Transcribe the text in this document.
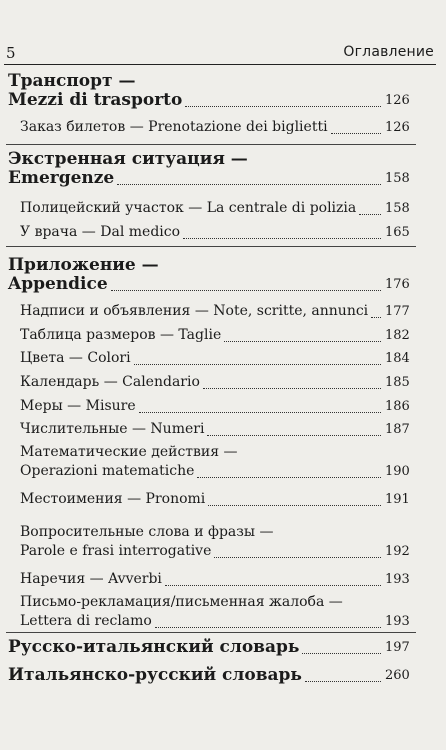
5	Оглавление
Транспорт —
Mezzi di trasporto	126
Заказ билетов — Prenotazione dei biglietti	126
Экстренная ситуация —
Emergenze	158
Полицейский участок — La centrale di polizia	158
У врача — Dal medico	165
Приложение —
Appendice	176
Надписи и объявления — Note, scritte, annunci	177
Таблица размеров — Taglie	182
Цвета — Colori	184
Календарь — Calendario	185
Меры — Misure	186
Числительные — Numeri	187
Математические действия —
Operazioni matematiche	190
Местоимения — Pronomi	191
Вопросительные слова и фразы —
Parole e frasi interrogative	192
Наречия — Avverbi	193
Письмо-рекламация/письменная жалоба —
Lettera di reclamo	193
Русско-итальянский словарь	197
Итальянско-русский словарь	260
